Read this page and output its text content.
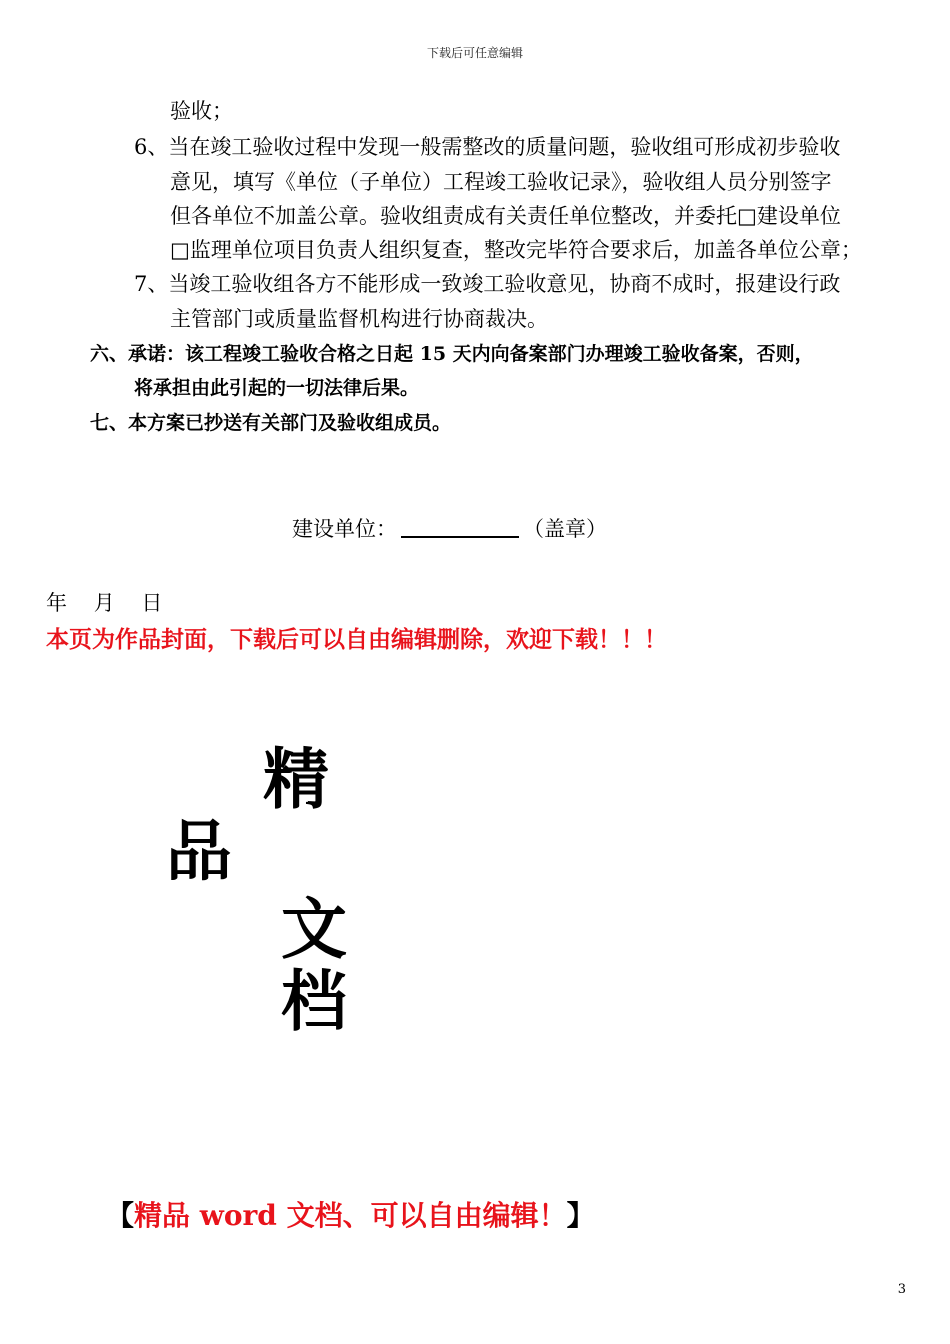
下载后可任意编辑
验收；
6、当在竣工验收过程中发现一般需整改的质量问题，验收组可形成初步验收
意见，填写《单位（子单位）工程竣工验收记录》，验收组人员分别签字
但各单位不加盖公章。验收组责成有关责任单位整改，并委托□建设单位
□监理单位项目负责人组织复查，整改完毕符合要求后，加盖各单位公章；
7、当竣工验收组各方不能形成一致竣工验收意见，协商不成时，报建设行政
主管部门或质量监督机构进行协商裁决。
六、承诺：该工程竣工验收合格之日起 15 天内向备案部门办理竣工验收备案，否则，
将承担由此引起的一切法律后果。
七、本方案已抄送有关部门及验收组成员。
建设单位：	（盖章）
年    月    日
本页为作品封面，下载后可以自由编辑删除，欢迎下载！！！
精
品
文
档
【精品 word 文档、可以自由编辑！】
3
